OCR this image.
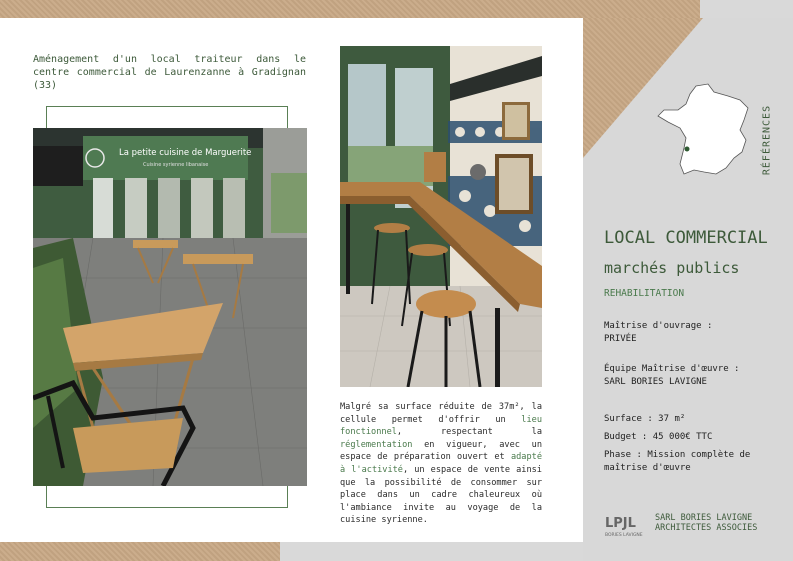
Aménagement d'un local traiteur dans le centre commercial de Laurenzanne à Gradignan (33)

La petite cuisine de Marguerite
Cuisine syrienne libanaise

Malgré sa surface réduite de 37m², la cellule permet d'offrir un lieu fonctionnel, respectant la réglementation en vigueur, avec un espace de préparation ouvert et adapté à l'activité, un espace de vente ainsi que la possibilité de consommer sur place dans un cadre chaleureux où l'ambiance invite au voyage de la cuisine syrienne.

RÉFÉRENCES
LOCAL COMMERCIAL
marchés publics
REHABILITATION
Maîtrise d'ouvrage :
PRIVÉE
Équipe Maîtrise d'œuvre :
SARL BORIES LAVIGNE
Surface : 37 m²
Budget : 45 000€ TTC
Phase : Mission complète de maîtrise d'œuvre
LPJL
BORIES LAVIGNE
SARL BORIES LAVIGNE
ARCHITECTES ASSOCIES
